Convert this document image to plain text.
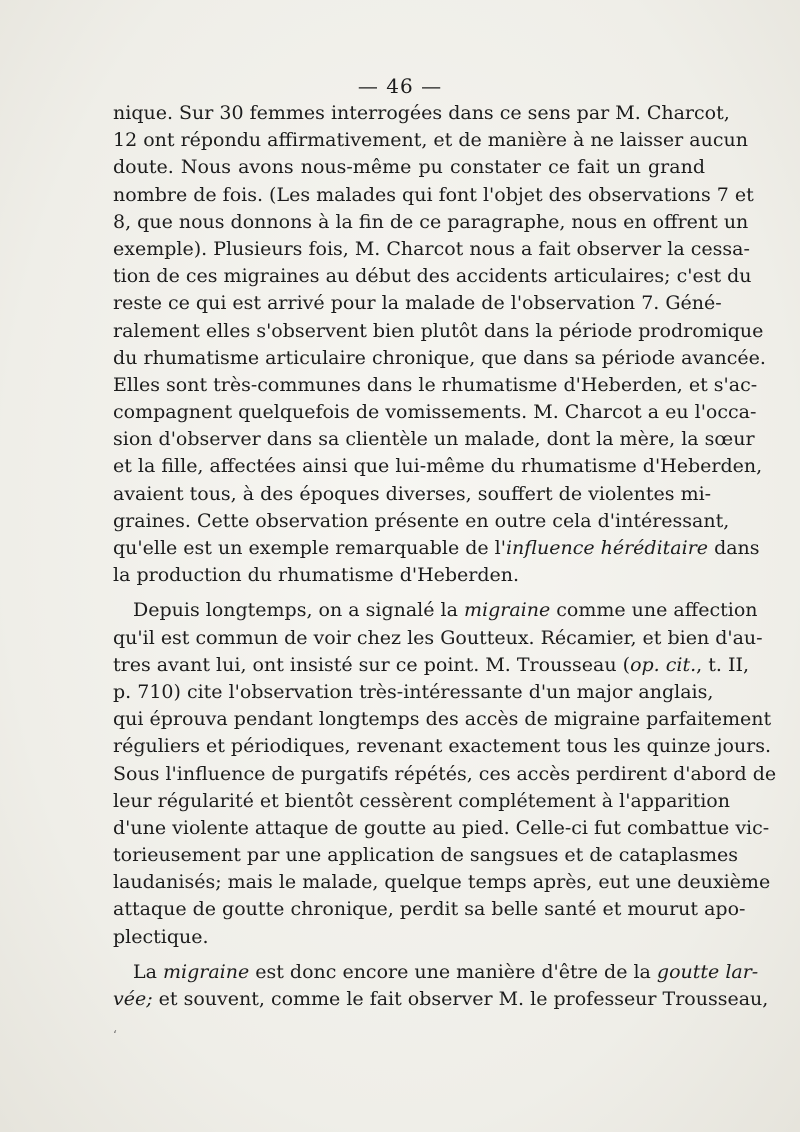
— 46 —
nique. Sur 30 femmes interrogées dans ce sens par M. Charcot,
12 ont répondu affirmativement, et de manière à ne laisser aucun
doute. Nous avons nous-même pu constater ce fait un grand
nombre de fois. (Les malades qui font l'objet des observations 7 et
8, que nous donnons à la fin de ce paragraphe, nous en offrent un
exemple). Plusieurs fois, M. Charcot nous a fait observer la cessa-
tion de ces migraines au début des accidents articulaires; c'est du
reste ce qui est arrivé pour la malade de l'observation 7. Géné-
ralement elles s'observent bien plutôt dans la période prodromique
du rhumatisme articulaire chronique, que dans sa période avancée.
Elles sont très-communes dans le rhumatisme d'Heberden, et s'ac-
compagnent quelquefois de vomissements. M. Charcot a eu l'occa-
sion d'observer dans sa clientèle un malade, dont la mère, la sœur
et la fille, affectées ainsi que lui-même du rhumatisme d'Heberden,
avaient tous, à des époques diverses, souffert de violentes mi-
graines. Cette observation présente en outre cela d'intéressant,
qu'elle est un exemple remarquable de l'influence héréditaire dans
la production du rhumatisme d'Heberden.
Depuis longtemps, on a signalé la migraine comme une affection
qu'il est commun de voir chez les Goutteux. Récamier, et bien d'au-
tres avant lui, ont insisté sur ce point. M. Trousseau (op. cit., t. II,
p. 710) cite l'observation très-intéressante d'un major anglais,
qui éprouva pendant longtemps des accès de migraine parfaitement
réguliers et périodiques, revenant exactement tous les quinze jours.
Sous l'influence de purgatifs répétés, ces accès perdirent d'abord de
leur régularité et bientôt cessèrent complétement à l'apparition
d'une violente attaque de goutte au pied. Celle-ci fut combattue vic-
torieusement par une application de sangsues et de cataplasmes
laudanisés; mais le malade, quelque temps après, eut une deuxième
attaque de goutte chronique, perdit sa belle santé et mourut apo-
plectique.
La migraine est donc encore une manière d'être de la goutte lar-
vée; et souvent, comme le fait observer M. le professeur Trousseau,
‘
